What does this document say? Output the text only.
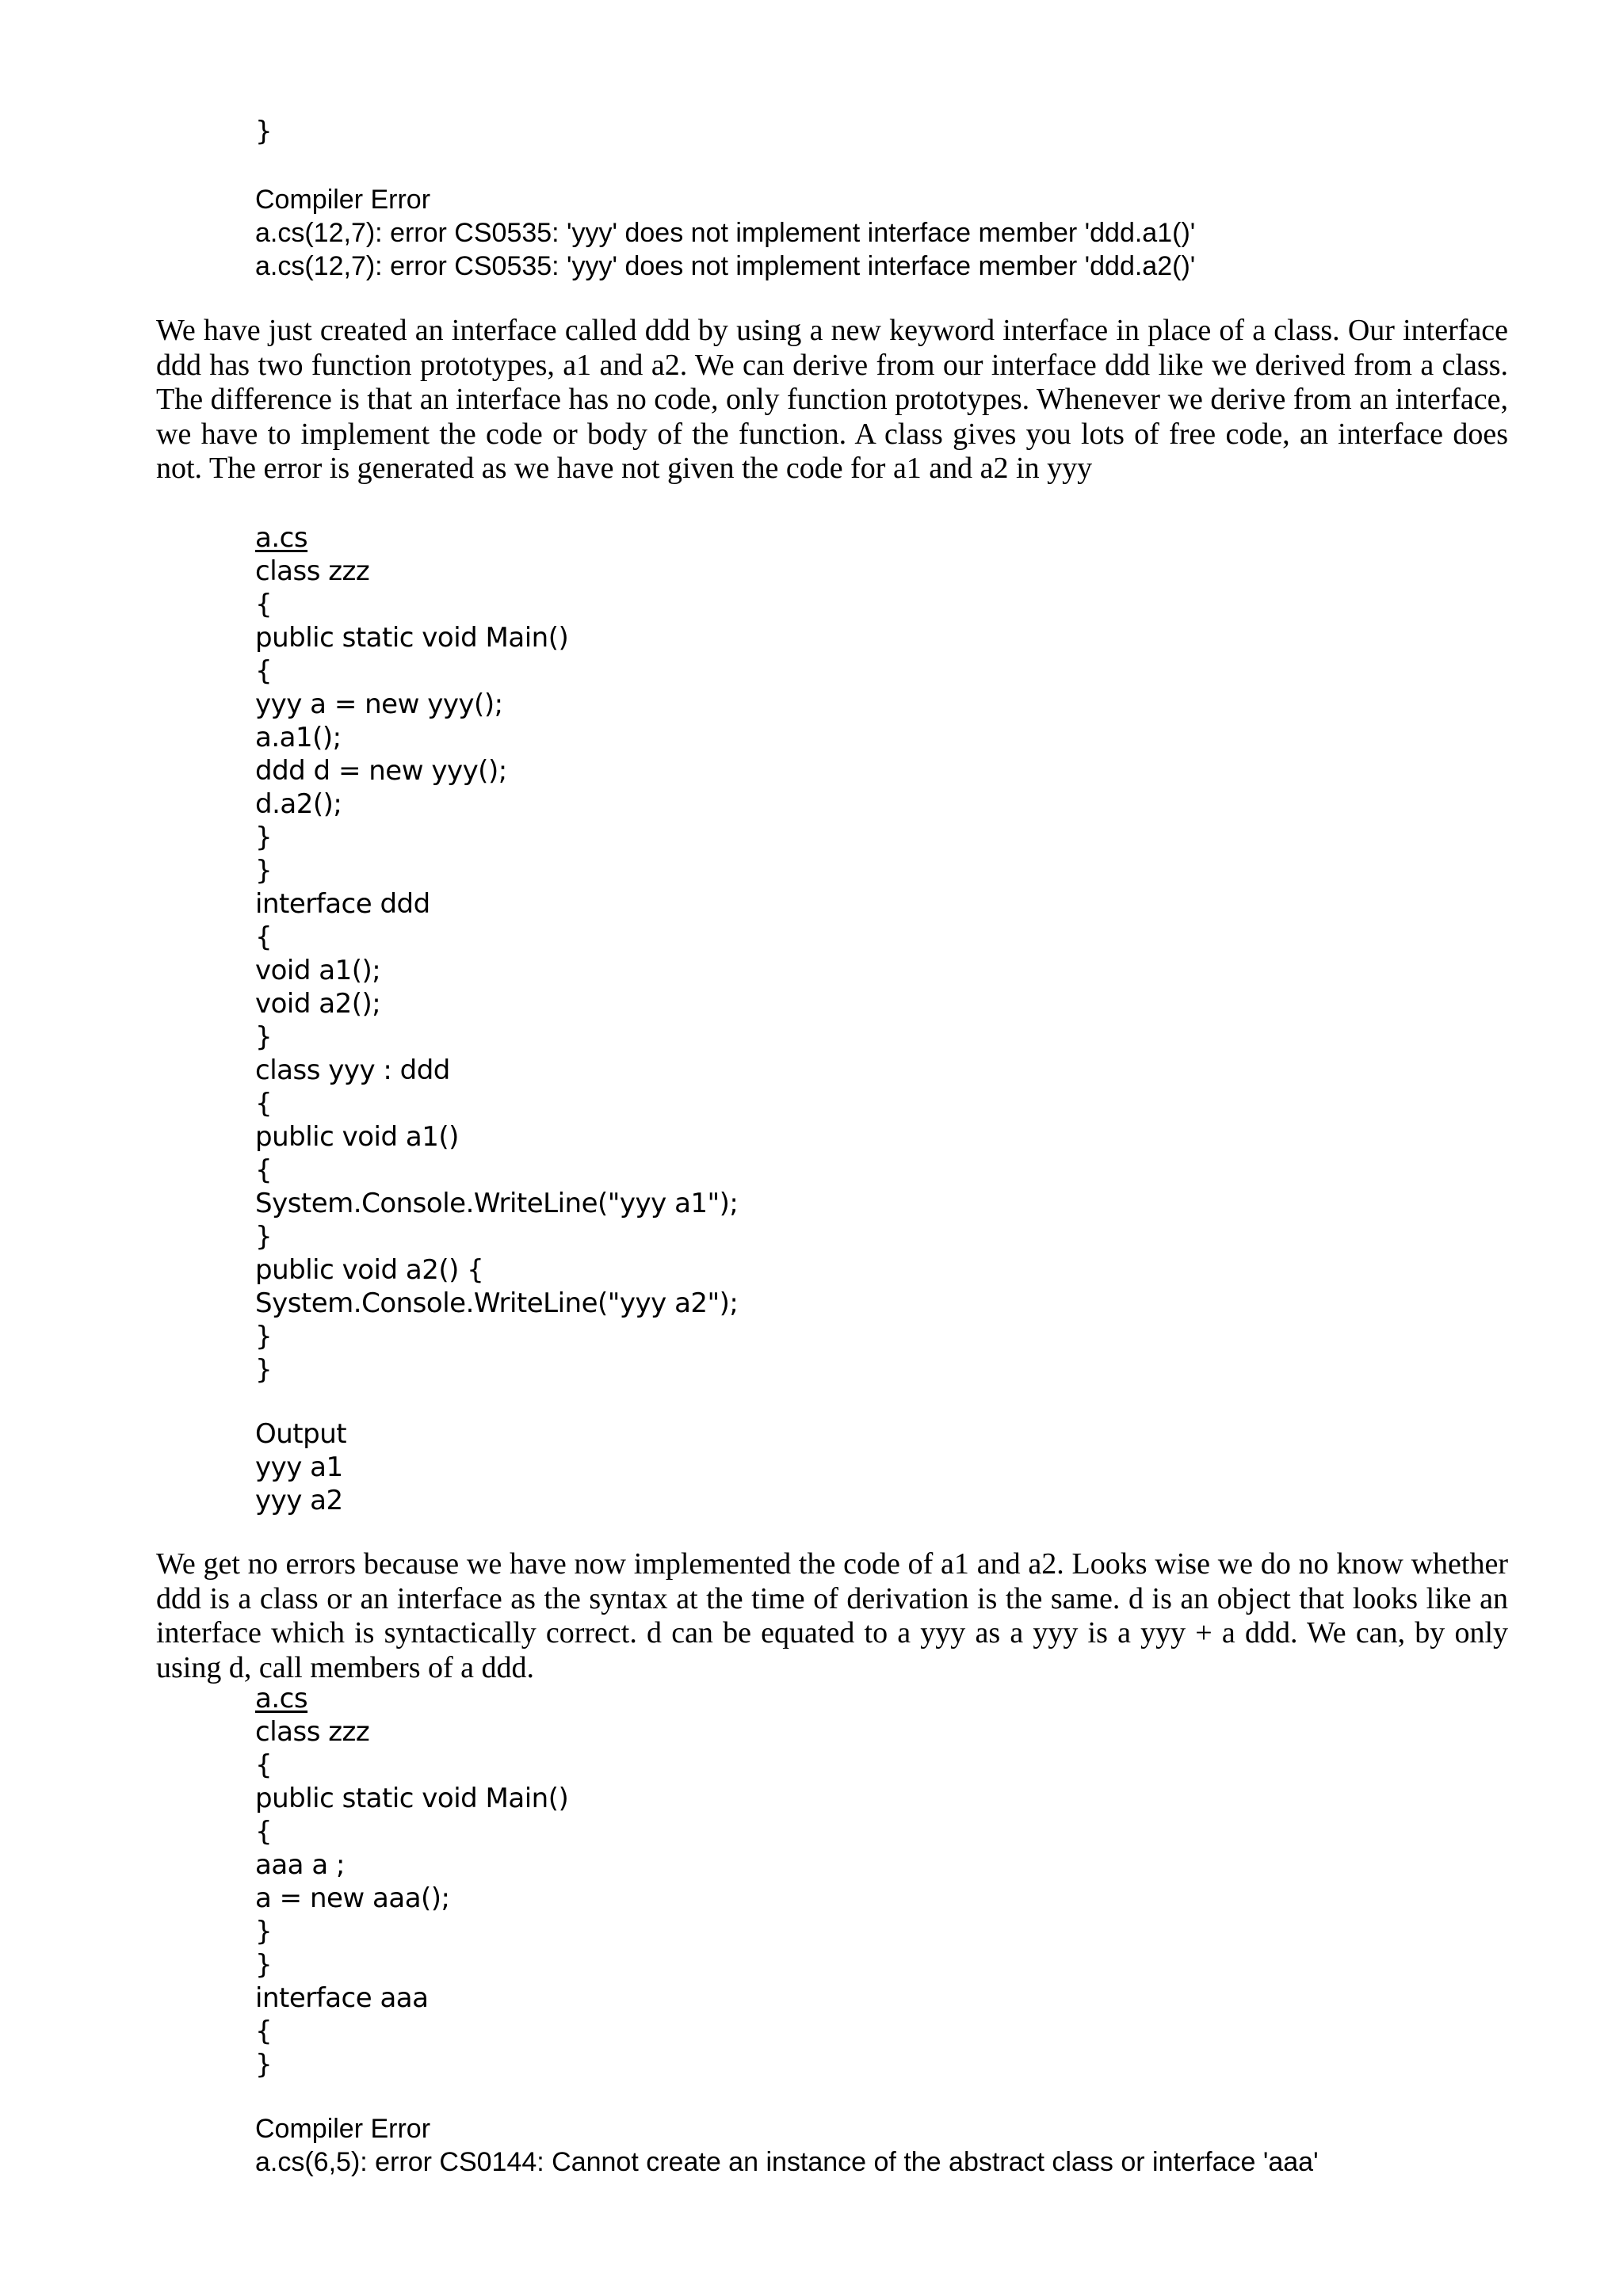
}
Compiler Error
a.cs(12,7): error CS0535: 'yyy' does not implement interface member 'ddd.a1()'
a.cs(12,7): error CS0535: 'yyy' does not implement interface member 'ddd.a2()'

We have just created an interface called ddd by using a new keyword interface in place of a class. Our interface ddd has two function prototypes, a1 and a2. We can derive from our interface ddd like we derived from a class. The difference is that an interface has no code, only function prototypes. Whenever we derive from an interface, we have to implement the code or body of the function. A class gives you lots of free code, an interface does not. The error is generated as we have not given the code for a1 and a2 in yyy

a.cs
class zzz
{
public static void Main()
{
yyy a = new yyy();
a.a1();
ddd d = new yyy();
d.a2();
}
}
interface ddd
{
void a1();
void a2();
}
class yyy : ddd
{
public void a1()
{
System.Console.WriteLine("yyy a1");
}
public void a2() {
System.Console.WriteLine("yyy a2");
}
}
Output
yyy a1
yyy a2

We get no errors because we have now implemented the code of a1 and a2. Looks wise we do no know whether ddd is a class or an interface as the syntax at the time of derivation is the same. d is an object that looks like an interface which is syntactically correct. d can be equated to a yyy as a yyy is a yyy + a ddd. We can, by only using d, call members of a ddd.

a.cs
class zzz
{
public static void Main()
{
aaa a ;
a = new aaa();
}
}
interface aaa
{
}
Compiler Error
a.cs(6,5): error CS0144: Cannot create an instance of the abstract class or interface 'aaa'
